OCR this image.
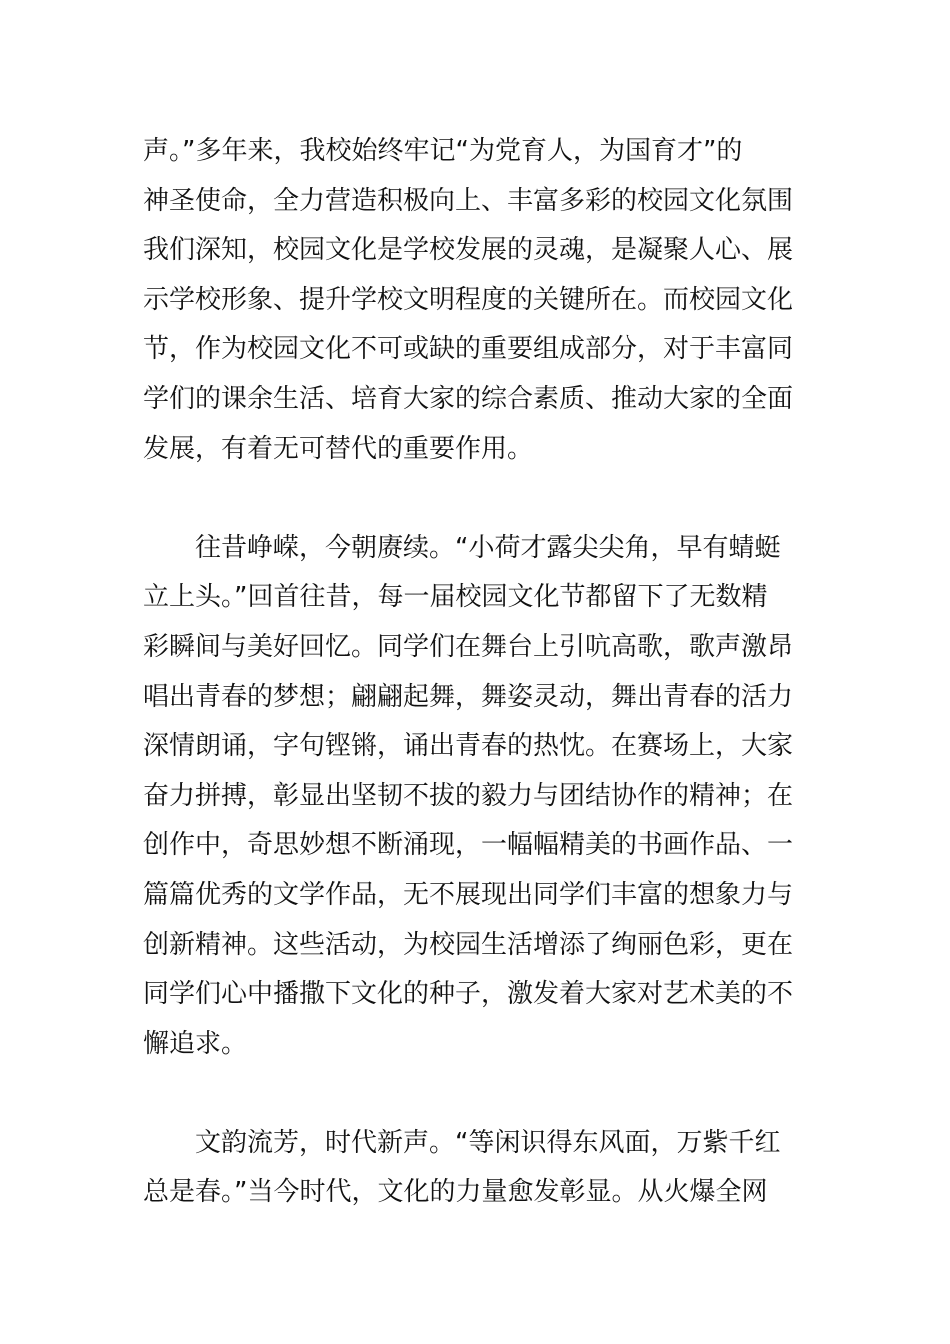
声。”多年来，我校始终牢记“为党育人，为国育才”的
神圣使命，全力营造积极向上、丰富多彩的校园文化氛围
我们深知，校园文化是学校发展的灵魂，是凝聚人心、展
示学校形象、提升学校文明程度的关键所在。而校园文化
节，作为校园文化不可或缺的重要组成部分，对于丰富同
学们的课余生活、培育大家的综合素质、推动大家的全面
发展，有着无可替代的重要作用。
往昔峥嵘，今朝赓续。“小荷才露尖尖角，早有蜻蜓
立上头。”回首往昔，每一届校园文化节都留下了无数精
彩瞬间与美好回忆。同学们在舞台上引吭高歌，歌声激昂
唱出青春的梦想；翩翩起舞，舞姿灵动，舞出青春的活力
深情朗诵，字句铿锵，诵出青春的热忱。在赛场上，大家
奋力拼搏，彰显出坚韧不拔的毅力与团结协作的精神；在
创作中，奇思妙想不断涌现，一幅幅精美的书画作品、一
篇篇优秀的文学作品，无不展现出同学们丰富的想象力与
创新精神。这些活动，为校园生活增添了绚丽色彩，更在
同学们心中播撒下文化的种子，激发着大家对艺术美的不
懈追求。
文韵流芳，时代新声。“等闲识得东风面，万紫千红
总是春。”当今时代，文化的力量愈发彰显。从火爆全网
